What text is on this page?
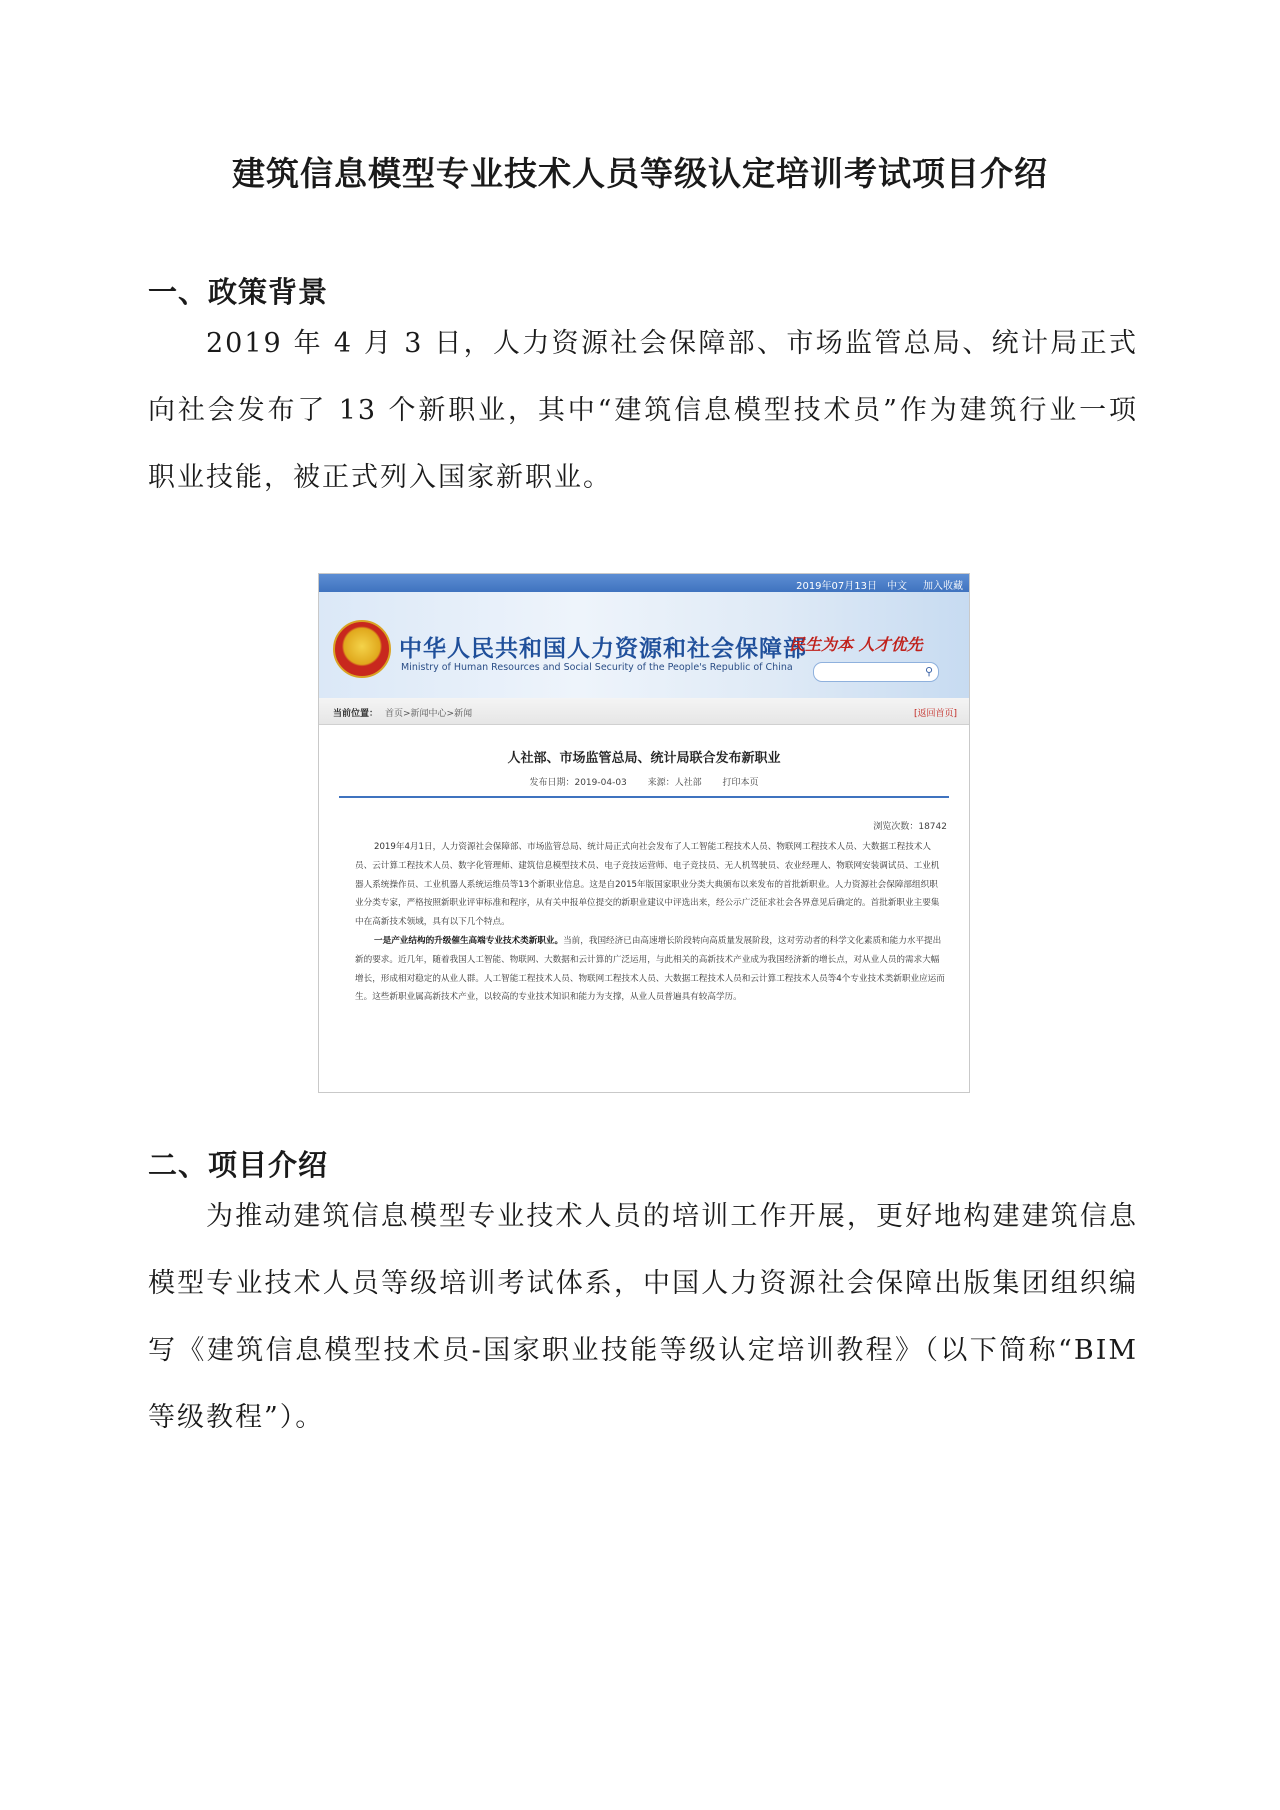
建筑信息模型专业技术人员等级认定培训考试项目介绍
一、政策背景
2019 年 4 月 3 日，人力资源社会保障部、市场监管总局、统计局正式向社会发布了 13 个新职业，其中“建筑信息模型技术员”作为建筑行业一项职业技能，被正式列入国家新职业。
2019年07月13日 中文 加入收藏
中华人民共和国人力资源和社会保障部
Ministry of Human Resources and Social Security of the People's Republic of China
民生为本 人才优先
⚲
当前位置： 首页>新闻中心>新闻	[返回首页]
人社部、市场监管总局、统计局联合发布新职业
发布日期：2019-04-03 来源：人社部 打印本页
浏览次数：18742

2019年4月1日，人力资源社会保障部、市场监管总局、统计局正式向社会发布了人工智能工程技术人员、物联网工程技术人员、大数据工程技术人员、云计算工程技术人员、数字化管理师、建筑信息模型技术员、电子竞技运营师、电子竞技员、无人机驾驶员、农业经理人、物联网安装调试员、工业机器人系统操作员、工业机器人系统运维员等13个新职业信息。这是自2015年版国家职业分类大典颁布以来发布的首批新职业。人力资源社会保障部组织职业分类专家，严格按照新职业评审标准和程序，从有关申报单位提交的新职业建议中评选出来，经公示广泛征求社会各界意见后确定的。首批新职业主要集中在高新技术领域，具有以下几个特点。

一是产业结构的升级催生高端专业技术类新职业。当前，我国经济已由高速增长阶段转向高质量发展阶段，这对劳动者的科学文化素质和能力水平提出新的要求。近几年，随着我国人工智能、物联网、大数据和云计算的广泛运用，与此相关的高新技术产业成为我国经济新的增长点，对从业人员的需求大幅增长，形成相对稳定的从业人群。人工智能工程技术人员、物联网工程技术人员、大数据工程技术人员和云计算工程技术人员等4个专业技术类新职业应运而生。这些新职业属高新技术产业，以较高的专业技术知识和能力为支撑，从业人员普遍具有较高学历。

二、项目介绍
为推动建筑信息模型专业技术人员的培训工作开展，更好地构建建筑信息模型专业技术人员等级培训考试体系，中国人力资源社会保障出版集团组织编写《建筑信息模型技术员-国家职业技能等级认定培训教程》（以下简称“BIM 等级教程”）。
